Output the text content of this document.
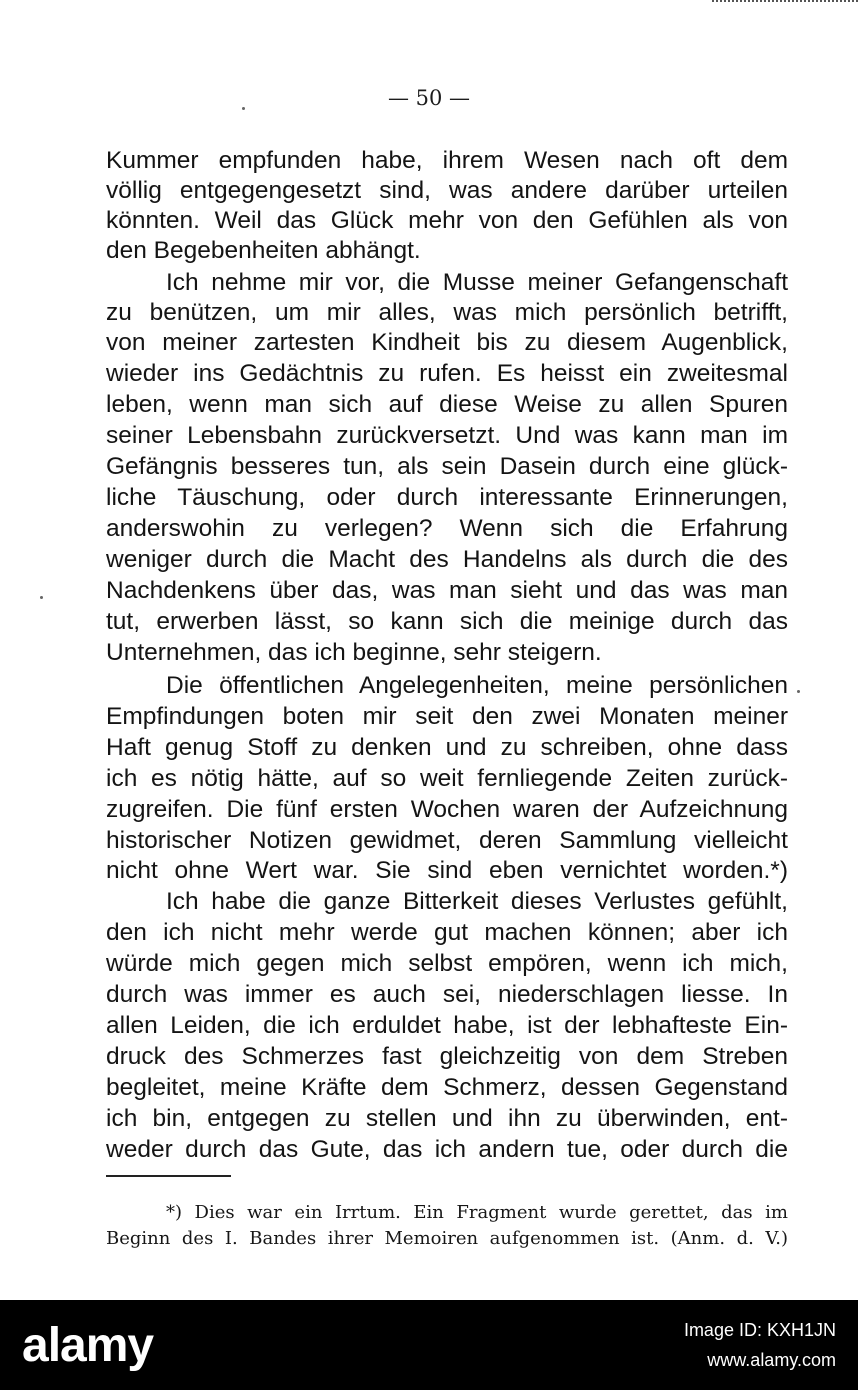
— 50 —
Kummer empfunden habe, ihrem Wesen nach oft dem
völlig entgegengesetzt sind, was andere darüber urteilen
könnten. Weil das Glück mehr von den Gefühlen als von
den Begebenheiten abhängt.
Ich nehme mir vor, die Musse meiner Gefangenschaft
zu benützen, um mir alles, was mich persönlich betrifft,
von meiner zartesten Kindheit bis zu diesem Augenblick,
wieder ins Gedächtnis zu rufen. Es heisst ein zweitesmal
leben, wenn man sich auf diese Weise zu allen Spuren
seiner Lebensbahn zurückversetzt. Und was kann man im
Gefängnis besseres tun, als sein Dasein durch eine glück-
liche Täuschung, oder durch interessante Erinnerungen,
anderswohin zu verlegen? Wenn sich die Erfahrung
weniger durch die Macht des Handelns als durch die des
Nachdenkens über das, was man sieht und das was man
tut, erwerben lässt, so kann sich die meinige durch das
Unternehmen, das ich beginne, sehr steigern.
Die öffentlichen Angelegenheiten, meine persönlichen
Empfindungen boten mir seit den zwei Monaten meiner
Haft genug Stoff zu denken und zu schreiben, ohne dass
ich es nötig hätte, auf so weit fernliegende Zeiten zurück-
zugreifen. Die fünf ersten Wochen waren der Aufzeichnung
historischer Notizen gewidmet, deren Sammlung vielleicht
nicht ohne Wert war. Sie sind eben vernichtet worden.*)
Ich habe die ganze Bitterkeit dieses Verlustes gefühlt,
den ich nicht mehr werde gut machen können; aber ich
würde mich gegen mich selbst empören, wenn ich mich,
durch was immer es auch sei, niederschlagen liesse. In
allen Leiden, die ich erduldet habe, ist der lebhafteste Ein-
druck des Schmerzes fast gleichzeitig von dem Streben
begleitet, meine Kräfte dem Schmerz, dessen Gegenstand
ich bin, entgegen zu stellen und ihn zu überwinden, ent-
weder durch das Gute, das ich andern tue, oder durch die
*) Dies war ein Irrtum. Ein Fragment wurde gerettet, das im
Beginn des I. Bandes ihrer Memoiren aufgenommen ist. (Anm. d. V.)
alamy	Image ID: KXH1JN
www.alamy.com
